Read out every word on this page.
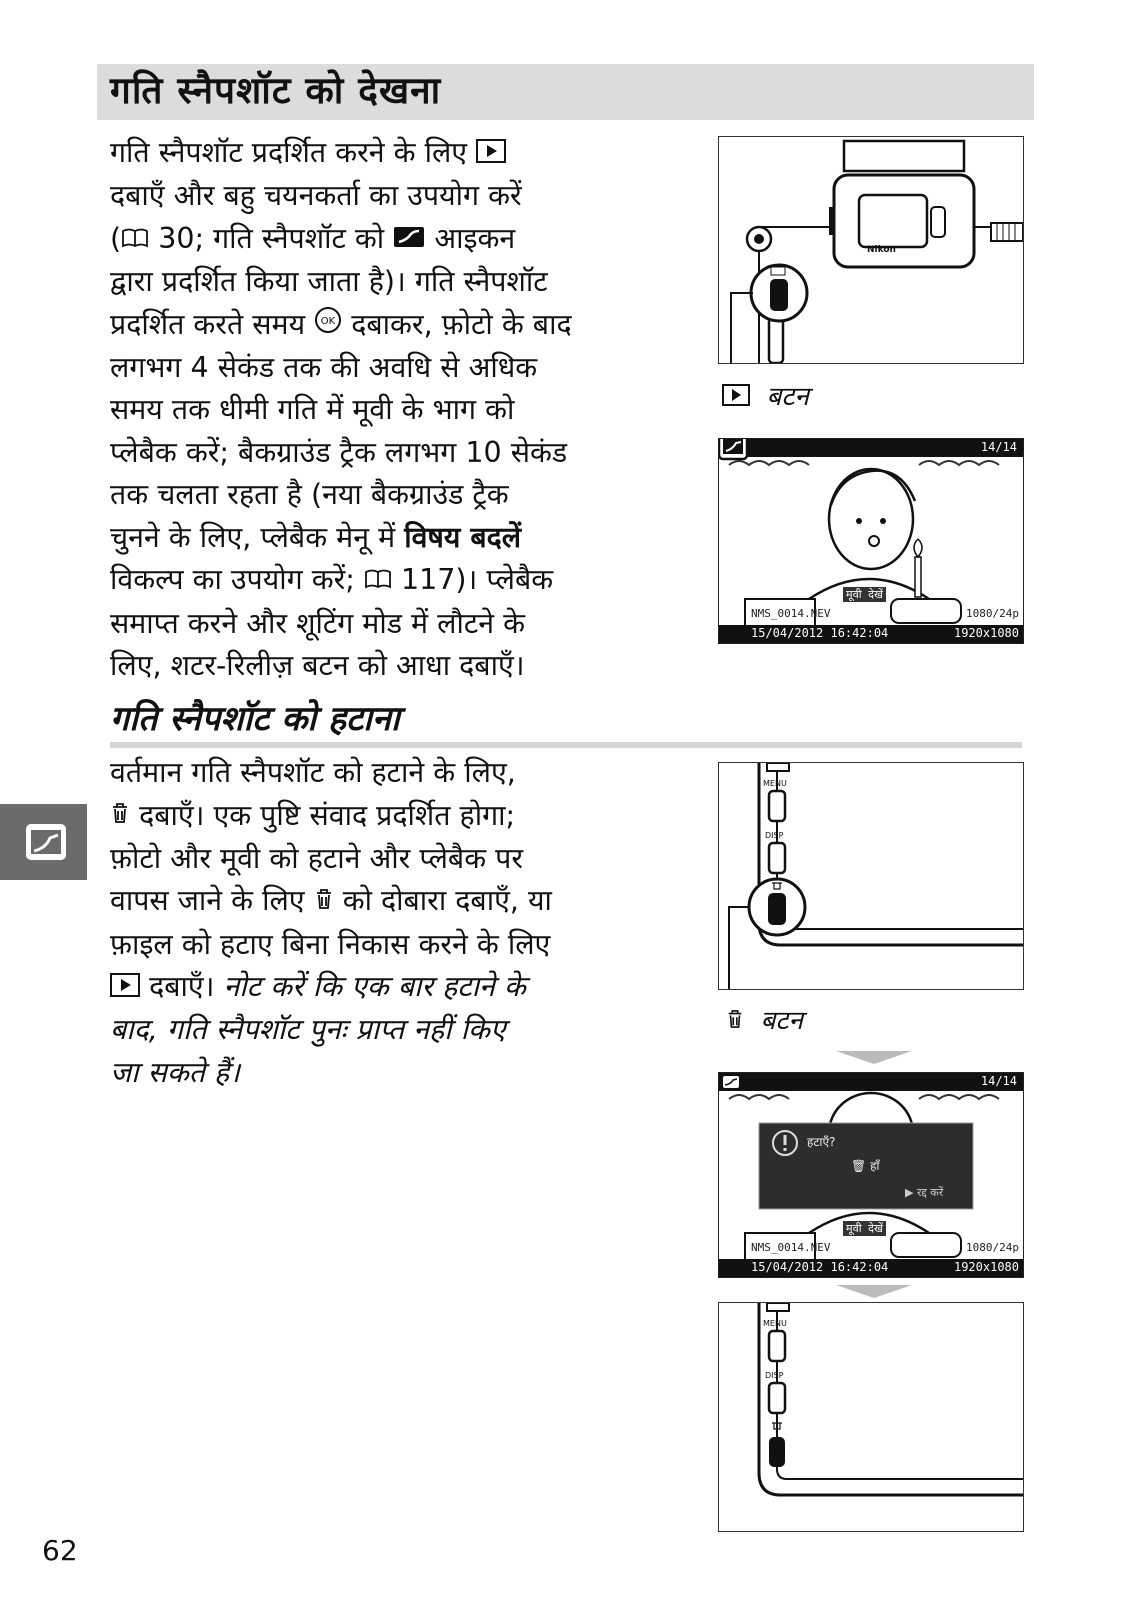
गति स्नैपशॉट को देखना
गति स्नैपशॉट प्रदर्शित करने के लिए
दबाएँ और बहु चयनकर्ता का उपयोग करें
( 30; गति स्नैपशॉट को आइकन
द्वारा प्रदर्शित किया जाता है)। गति स्नैपशॉट
प्रदर्शित करते समय OK दबाकर, फ़ोटो के बाद
लगभग 4 सेकंड तक की अवधि से अधिक
समय तक धीमी गति में मूवी के भाग को
प्लेबैक करें; बैकग्राउंड ट्रैक लगभग 10 सेकंड
तक चलता रहता है (नया बैकग्राउंड ट्रैक
चुनने के लिए, प्लेबैक मेनू में विषय बदलें
विकल्प का उपयोग करें; 117)। प्लेबैक
समाप्त करने और शूटिंग मोड में लौटने के
लिए, शटर-रिलीज़ बटन को आधा दबाएँ।
Nikon
बटन
14/14
मूवी देखें
NMS_0014.NEV	1080/24p
15/04/2012 16:42:04	1920x1080
गति स्नैपशॉट को हटाना
वर्तमान गति स्नैपशॉट को हटाने के लिए,
दबाएँ। एक पुष्टि संवाद प्रदर्शित होगा;
फ़ोटो और मूवी को हटाने और प्लेबैक पर
वापस जाने के लिए को दोबारा दबाएँ, या
फ़ाइल को हटाए बिना निकास करने के लिए
दबाएँ। नोट करें कि एक बार हटाने के
बाद, गति स्नैपशॉट पुनः प्राप्त नहीं किए
जा सकते हैं।
MENU
DISP
बटन
14/14
हटाएँ?
🗑 हाँ
▶ रद्द करें
मूवी देखें
NMS_0014.NEV	1080/24p
15/04/2012 16:42:04	1920x1080
MENU
DISP
62
